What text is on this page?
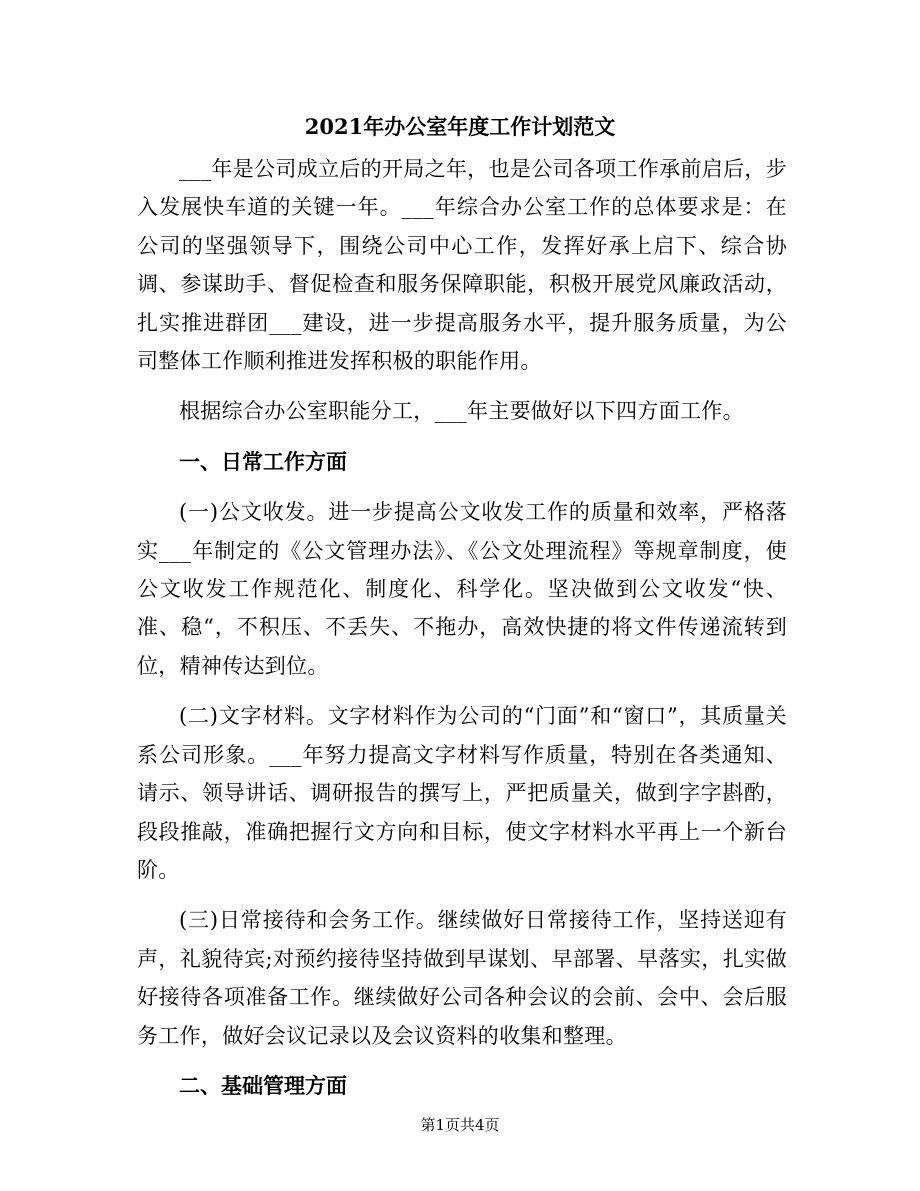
2021年办公室年度工作计划范文

___年是公司成立后的开局之年，也是公司各项工作承前启后，步入发展快车道的关键一年。___年综合办公室工作的总体要求是：在公司的坚强领导下，围绕公司中心工作，发挥好承上启下、综合协调、参谋助手、督促检查和服务保障职能，积极开展党风廉政活动，扎实推进群团___建设，进一步提高服务水平，提升服务质量，为公司整体工作顺利推进发挥积极的职能作用。

根据综合办公室职能分工，___年主要做好以下四方面工作。

一、日常工作方面

(一)公文收发。进一步提高公文收发工作的质量和效率，严格落实___年制定的《公文管理办法》、《公文处理流程》等规章制度，使公文收发工作规范化、制度化、科学化。坚决做到公文收发“快、准、稳“，不积压、不丢失、不拖办，高效快捷的将文件传递流转到位，精神传达到位。

(二)文字材料。文字材料作为公司的“门面”和“窗口”，其质量关系公司形象。___年努力提高文字材料写作质量，特别在各类通知、请示、领导讲话、调研报告的撰写上，严把质量关，做到字字斟酌，段段推敲，准确把握行文方向和目标，使文字材料水平再上一个新台阶。

(三)日常接待和会务工作。继续做好日常接待工作，坚持送迎有声，礼貌待宾;对预约接待坚持做到早谋划、早部署、早落实，扎实做好接待各项准备工作。继续做好公司各种会议的会前、会中、会后服务工作，做好会议记录以及会议资料的收集和整理。

二、基础管理方面

第1页共4页
